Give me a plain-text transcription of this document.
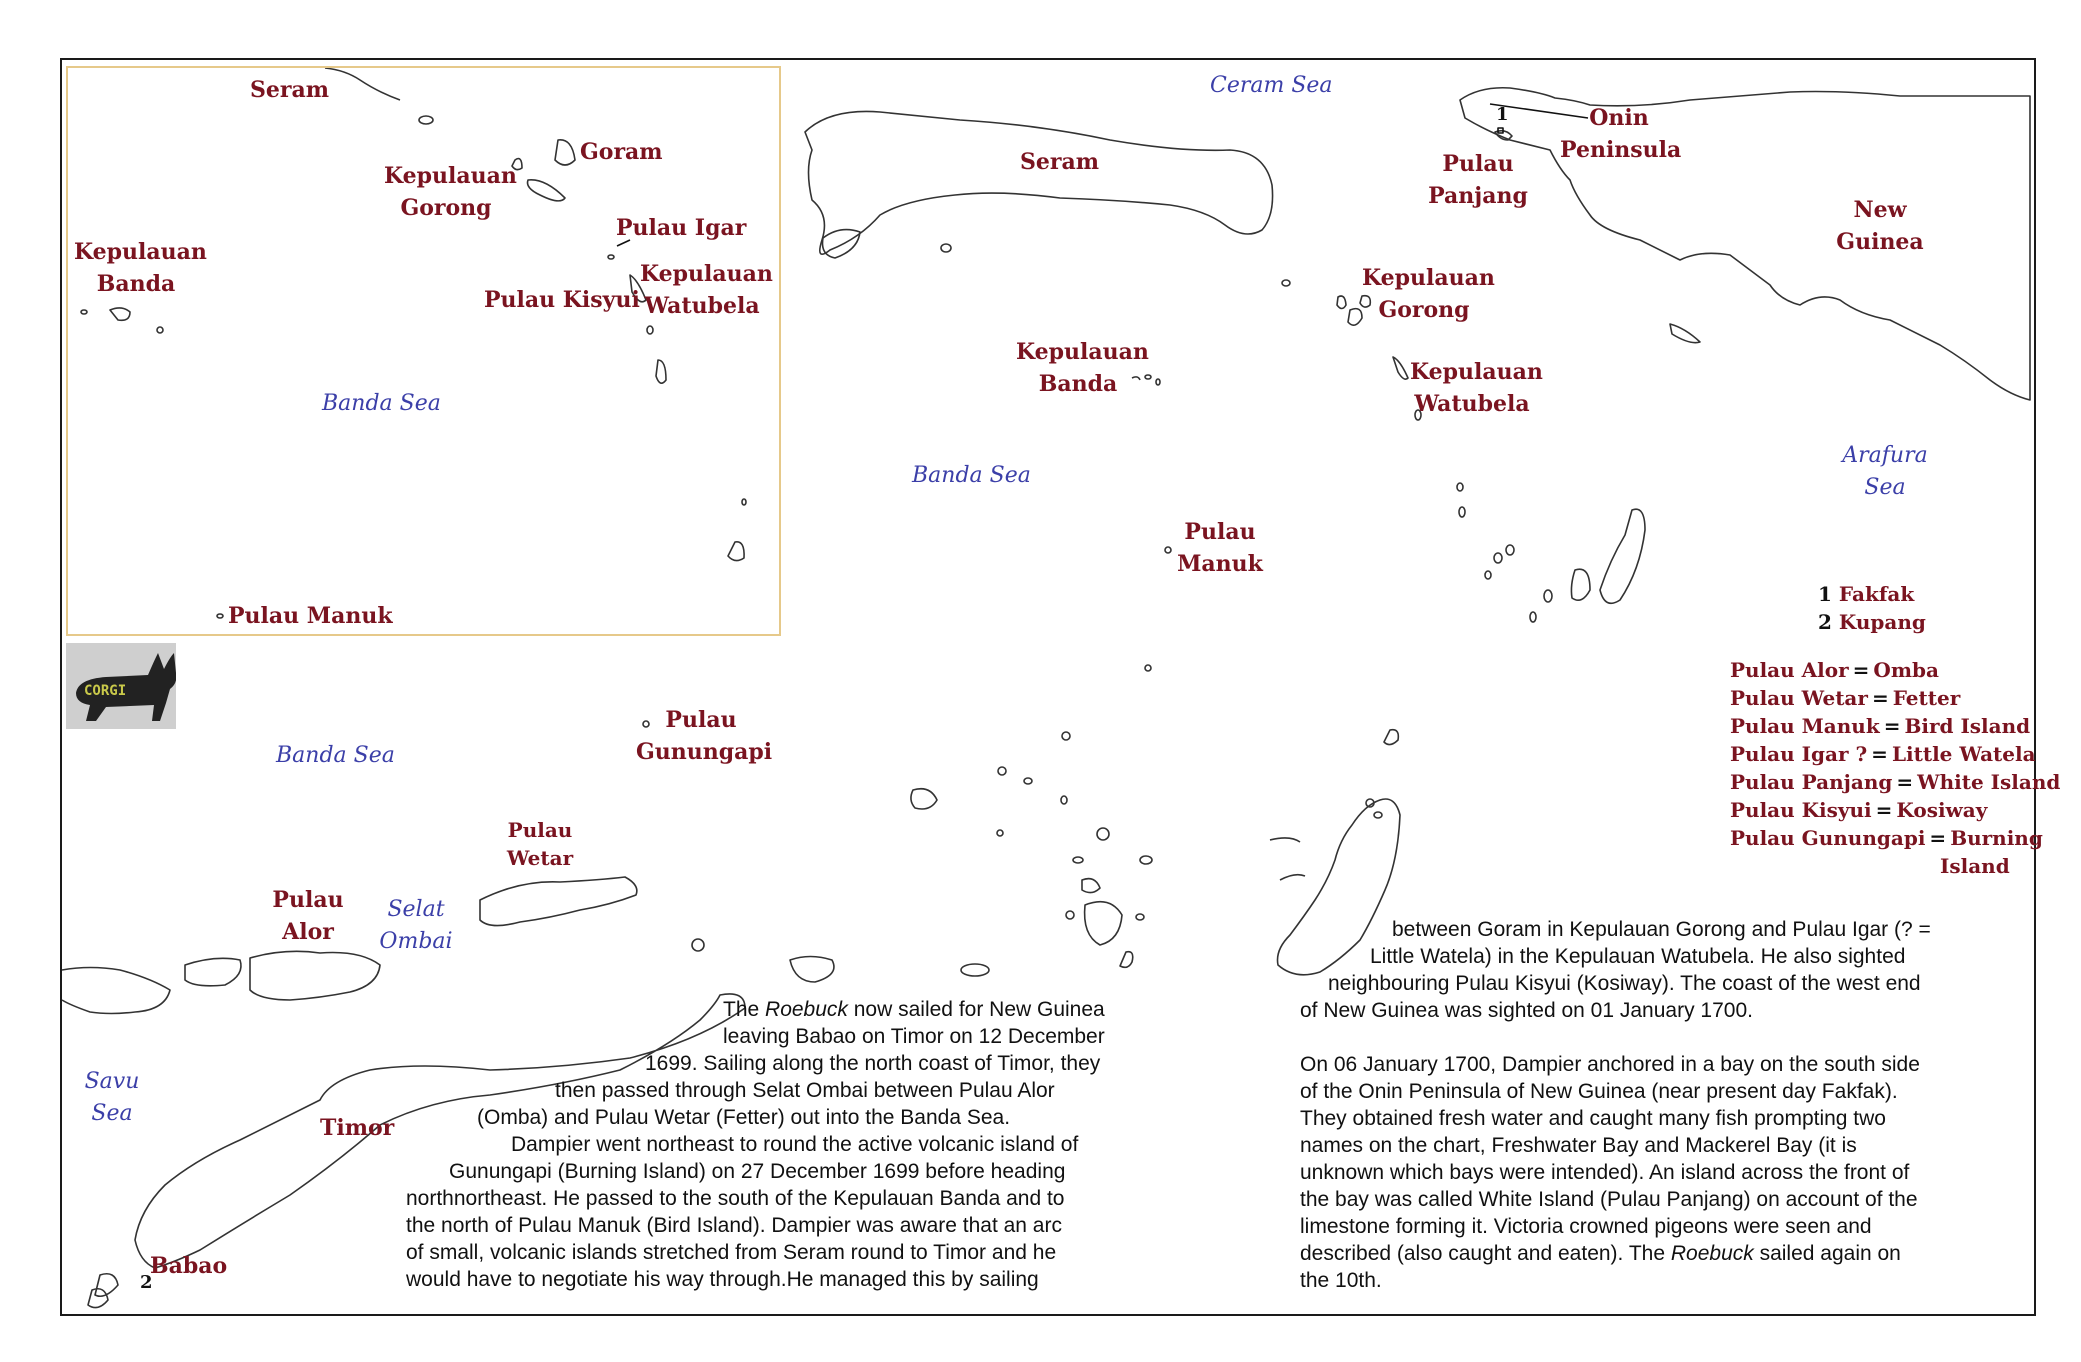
CORGI
Seram
Goram
Kepulauan
Gorong
Pulau Igar
Kepulauan
Banda	Kepulauan
Watubela
Pulau Kisyui
Banda Sea
Pulau Manuk
Ceram Sea
Seram
Onin
Peninsula
Pulau
Panjang
1
New
Guinea
Kepulauan
Gorong
Kepulauan
Banda	Kepulauan
Watubela
Banda Sea
Arafura
Sea
Pulau
Manuk
1 Fakfak
2 Kupang
Pulau Alor = Omba
Pulau Wetar = Fetter
Pulau Manuk = Bird Island
Pulau Igar ? = Little Watela
Pulau Panjang = White Island
Pulau Kisyui = Kosiway
Pulau Gunungapi = Burning
Island
Banda Sea
Pulau
Gunungapi
Pulau
Wetar
Pulau
Alor
Selat
Ombai
Savu
Sea
Timor
Babao
2

The Roebuck now sailed for New Guinea

leaving Babao on Timor on 12 December

1699. Sailing along the north coast of Timor, they

then passed through Selat Ombai between Pulau Alor

(Omba) and Pulau Wetar (Fetter) out into the Banda Sea.

Dampier went northeast to round the active volcanic island of

Gunungapi (Burning Island) on 27 December 1699 before heading

northnortheast. He passed to the south of the Kepulauan Banda and to

the north of Pulau Manuk (Bird Island). Dampier was aware that an arc

of small, volcanic islands stretched from Seram round to Timor and he

would have to negotiate his way through.He managed this by sailing

between Goram in Kepulauan Gorong and Pulau Igar (? =

Little Watela) in the Kepulauan Watubela. He also sighted

neighbouring Pulau Kisyui (Kosiway). The coast of the west end

of New Guinea was sighted on 01 January 1700.

On 06 January 1700, Dampier anchored in a bay on the south side

of the Onin Peninsula of New Guinea (near present day Fakfak).

They obtained fresh water and caught many fish prompting two

names on the chart, Freshwater Bay and Mackerel Bay (it is

unknown which bays were intended). An island across the front of

the bay was called White Island (Pulau Panjang) on account of the

limestone forming it. Victoria crowned pigeons were seen and

described (also caught and eaten). The Roebuck sailed again on

the 10th.
